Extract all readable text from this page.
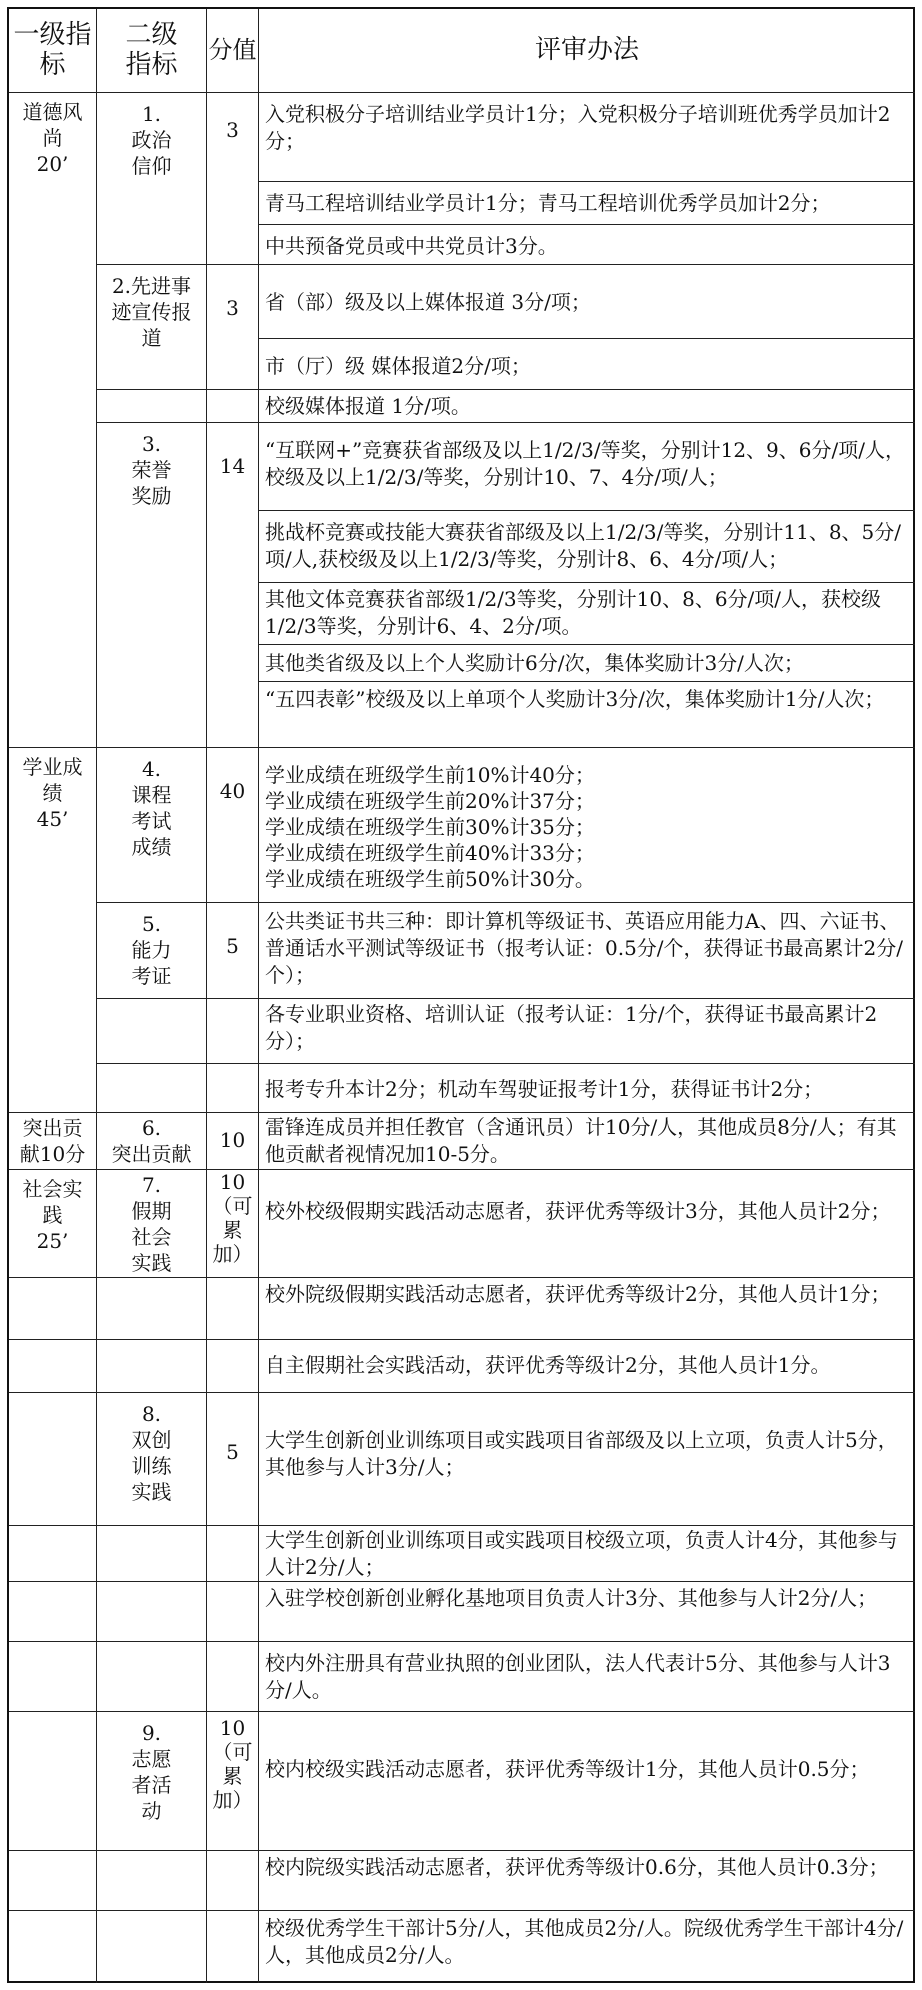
一级指
标
二级
指标 分值	评审办法
道德风
尚
20’
学业成
绩
45’
突出贡
献10分
社会实
践
25’
1.
政治
信仰
2.先进事
迹宣传报
道
3.
荣誉
奖励
4.
课程
考试
成绩
5.
能力
考证
6.
突出贡献
7.
假期
社会
实践
8.
双创
训练
实践
9.
志愿
者活
动
3
3
14
40
5
10
10
（可
累
加）
5
10
（可
累
加）
入党积极分子培训结业学员计1分；入党积极分子培训班优秀学员加计2分；
青马工程培训结业学员计1分；青马工程培训优秀学员加计2分；
中共预备党员或中共党员计3分。
省（部）级及以上媒体报道 3分/项；
市（厅）级 媒体报道2分/项；
校级媒体报道 1分/项。
“互联网+”竞赛获省部级及以上1/2/3/等奖，分别计12、9、6分/项/人，校级及以上1/2/3/等奖，分别计10、7、4分/项/人；
挑战杯竞赛或技能大赛获省部级及以上1/2/3/等奖，分别计11、8、5分/项/人,获校级及以上1/2/3/等奖，分别计8、6、4分/项/人；
其他文体竞赛获省部级1/2/3等奖，分别计10、8、6分/项/人，获校级1/2/3等奖，分别计6、4、2分/项。
其他类省级及以上个人奖励计6分/次，集体奖励计3分/人次；
“五四表彰”校级及以上单项个人奖励计3分/次，集体奖励计1分/人次；
学业成绩在班级学生前10%计40分；
学业成绩在班级学生前20%计37分；
学业成绩在班级学生前30%计35分；
学业成绩在班级学生前40%计33分；
学业成绩在班级学生前50%计30分。
公共类证书共三种：即计算机等级证书、英语应用能力A、四、六证书、普通话水平测试等级证书（报考认证：0.5分/个，获得证书最高累计2分/个）；
各专业职业资格、培训认证（报考认证：1分/个，获得证书最高累计2分）；
报考专升本计2分；机动车驾驶证报考计1分，获得证书计2分；
雷锋连成员并担任教官（含通讯员）计10分/人，其他成员8分/人；有其他贡献者视情况加10-5分。
校外校级假期实践活动志愿者，获评优秀等级计3分，其他人员计2分；
校外院级假期实践活动志愿者，获评优秀等级计2分，其他人员计1分；
自主假期社会实践活动，获评优秀等级计2分，其他人员计1分。
大学生创新创业训练项目或实践项目省部级及以上立项，负责人计5分，其他参与人计3分/人；
大学生创新创业训练项目或实践项目校级立项，负责人计4分，其他参与人计2分/人；
入驻学校创新创业孵化基地项目负责人计3分、其他参与人计2分/人；
校内外注册具有营业执照的创业团队，法人代表计5分、其他参与人计3分/人。
校内校级实践活动志愿者，获评优秀等级计1分，其他人员计0.5分；
校内院级实践活动志愿者，获评优秀等级计0.6分，其他人员计0.3分；
校级优秀学生干部计5分/人，其他成员2分/人。院级优秀学生干部计4分/人，其他成员2分/人。
